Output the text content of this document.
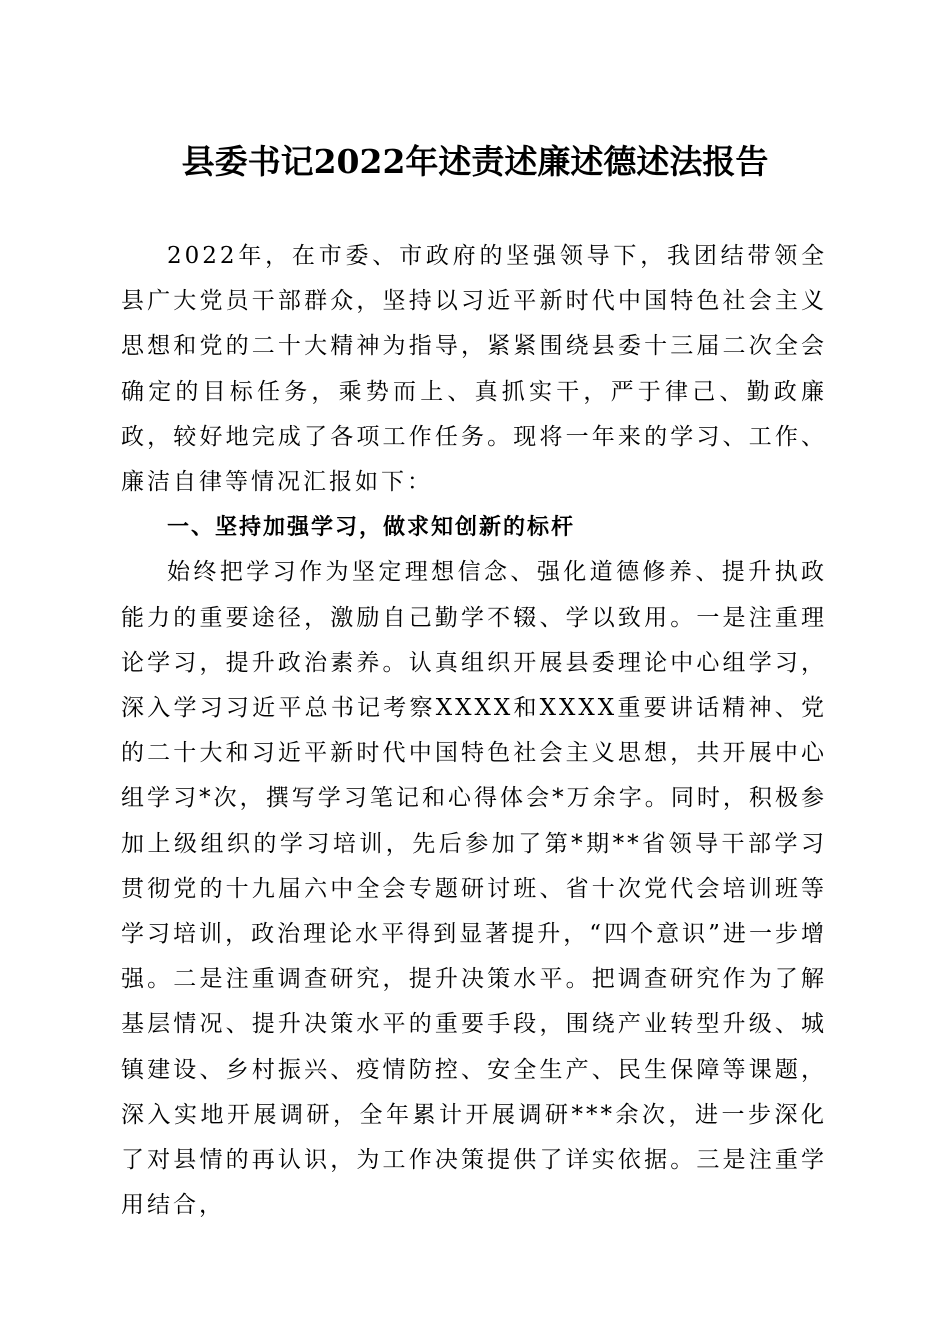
县委书记2022年述责述廉述德述法报告

2022年，在市委、市政府的坚强领导下，我团结带领全县广大党员干部群众，坚持以习近平新时代中国特色社会主义思想和党的二十大精神为指导，紧紧围绕县委十三届二次全会确定的目标任务，乘势而上、真抓实干，严于律己、勤政廉政，较好地完成了各项工作任务。现将一年来的学习、工作、廉洁自律等情况汇报如下：

一、坚持加强学习，做求知创新的标杆

始终把学习作为坚定理想信念、强化道德修养、提升执政能力的重要途径，激励自己勤学不辍、学以致用。一是注重理论学习，提升政治素养。认真组织开展县委理论中心组学习，深入学习习近平总书记考察XXXX和XXXX重要讲话精神、党的二十大和习近平新时代中国特色社会主义思想，共开展中心组学习*次，撰写学习笔记和心得体会*万余字。同时，积极参加上级组织的学习培训，先后参加了第*期**省领导干部学习贯彻党的十九届六中全会专题研讨班、省十次党代会培训班等学习培训，政治理论水平得到显著提升，“四个意识”进一步增强。二是注重调查研究，提升决策水平。把调查研究作为了解基层情况、提升决策水平的重要手段，围绕产业转型升级、城镇建设、乡村振兴、疫情防控、安全生产、民生保障等课题，深入实地开展调研，全年累计开展调研***余次，进一步深化了对县情的再认识，为工作决策提供了详实依据。三是注重学用结合，
